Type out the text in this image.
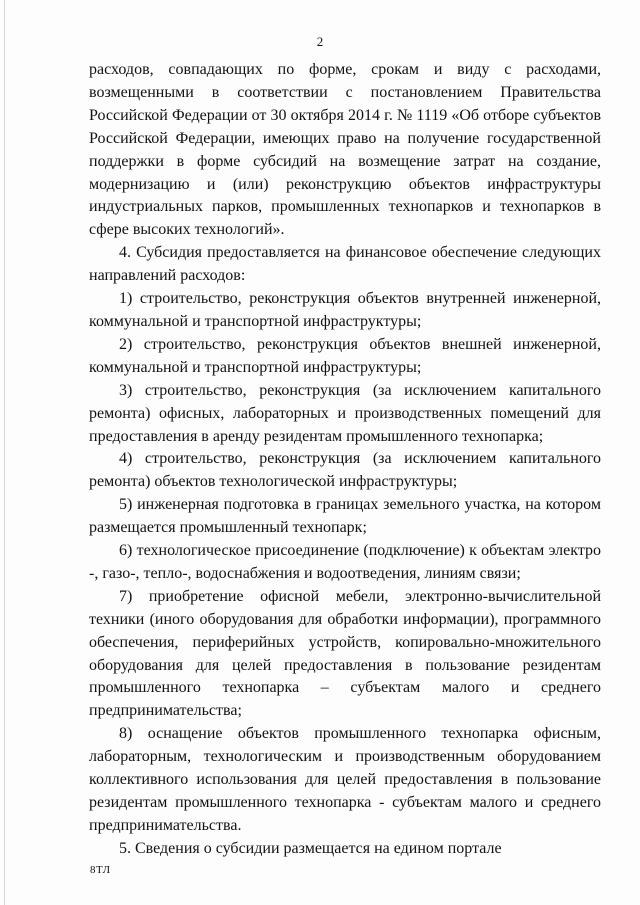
2

расходов, совпадающих по форме, срокам и виду с расходами, возмещенными в соответствии с постановлением Правительства Российской Федерации от 30 октября 2014 г. № 1119 «Об отборе субъектов Российской Федерации, имеющих право на получение государственной поддержки в форме субсидий на возмещение затрат на создание, модернизацию и (или) реконструкцию объектов инфраструктуры индустриальных парков, промышленных технопарков и технопарков в сфере высоких технологий».

4. Субсидия предоставляется на финансовое обеспечение следующих направлений расходов:

1) строительство, реконструкция объектов внутренней инженерной, коммунальной и транспортной инфраструктуры;

2) строительство, реконструкция объектов внешней инженерной, коммунальной и транспортной инфраструктуры;

3) строительство, реконструкция (за исключением капитального ремонта) офисных, лабораторных и производственных помещений для предоставления в аренду резидентам промышленного технопарка;

4) строительство, реконструкция (за исключением капитального ремонта) объектов технологической инфраструктуры;

5) инженерная подготовка в границах земельного участка, на котором размещается промышленный технопарк;

6) технологическое присоединение (подключение) к объектам электро -, газо-, тепло-, водоснабжения и водоотведения, линиям связи;

7) приобретение офисной мебели, электронно-вычислительной техники (иного оборудования для обработки информации), программного обеспечения, периферийных устройств, копировально-множительного оборудования для целей предоставления в пользование резидентам промышленного технопарка – субъектам малого и среднего предпринимательства;

8) оснащение объектов промышленного технопарка офисным, лабораторным, технологическим и производственным оборудованием коллективного использования для целей предоставления в пользование резидентам промышленного технопарка - субъектам малого и среднего предпринимательства.

5. Сведения о субсидии размещается на едином портале

8ТЛ
